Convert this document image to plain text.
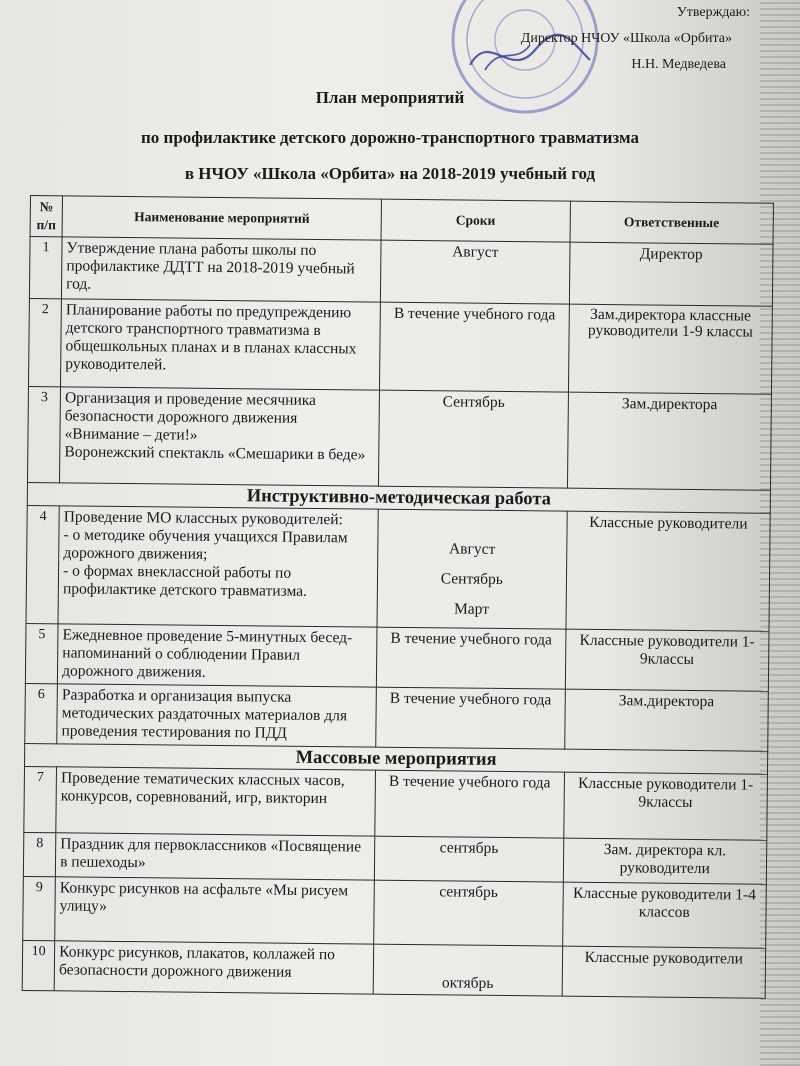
Утверждаю:
Директор НЧОУ «Школа «Орбита»
Н.Н. Медведева
План мероприятий
по профилактике детского дорожно-транспортного травматизма
в НЧОУ «Школа «Орбита» на 2018-2019 учебный год
№ п/п	Наименование мероприятий	Сроки	Ответственные
1	Утверждение плана работы школы по профилактике ДДТТ на 2018-2019 учебный год.	Август	Директор
2	Планирование работы по предупреждению детского транспортного травматизма в общешкольных планах и в планах классных руководителей.	В течение учебного года	Зам.директора классные руководители 1-9 классы
3	Организация и проведение месячника безопасности дорожного движения «Внимание – дети!»
Воронежский спектакль «Смешарики в беде»	Сентябрь	Зам.директора
Инструктивно-методическая работа			
4	Проведение МО классных руководителей:
- о методике обучения учащихся Правилам дорожного движения;
- о формах внеклассной работы по профилактике детского травматизма.	Август
Сентябрь
Март	Классные руководители
5	Ежедневное проведение 5-минутных бесед-напоминаний о соблюдении Правил дорожного движения.	В течение учебного года	Классные руководители 1-9классы
6	Разработка и организация выпуска методических раздаточных материалов для проведения тестирования по ПДД	В течение учебного года	Зам.директора
Массовые мероприятия			
7	Проведение тематических классных часов, конкурсов, соревнований, игр, викторин	В течение учебного года	Классные руководители 1-9классы
8	Праздник для первоклассников «Посвящение в пешеходы»	сентябрь	Зам. директора кл. руководители
9	Конкурс рисунков на асфальте «Мы рисуем улицу»	сентябрь	Классные руководители 1-4 классов
10	Конкурс рисунков, плакатов, коллажей по безопасности дорожного движения	октябрь	Классные руководители
